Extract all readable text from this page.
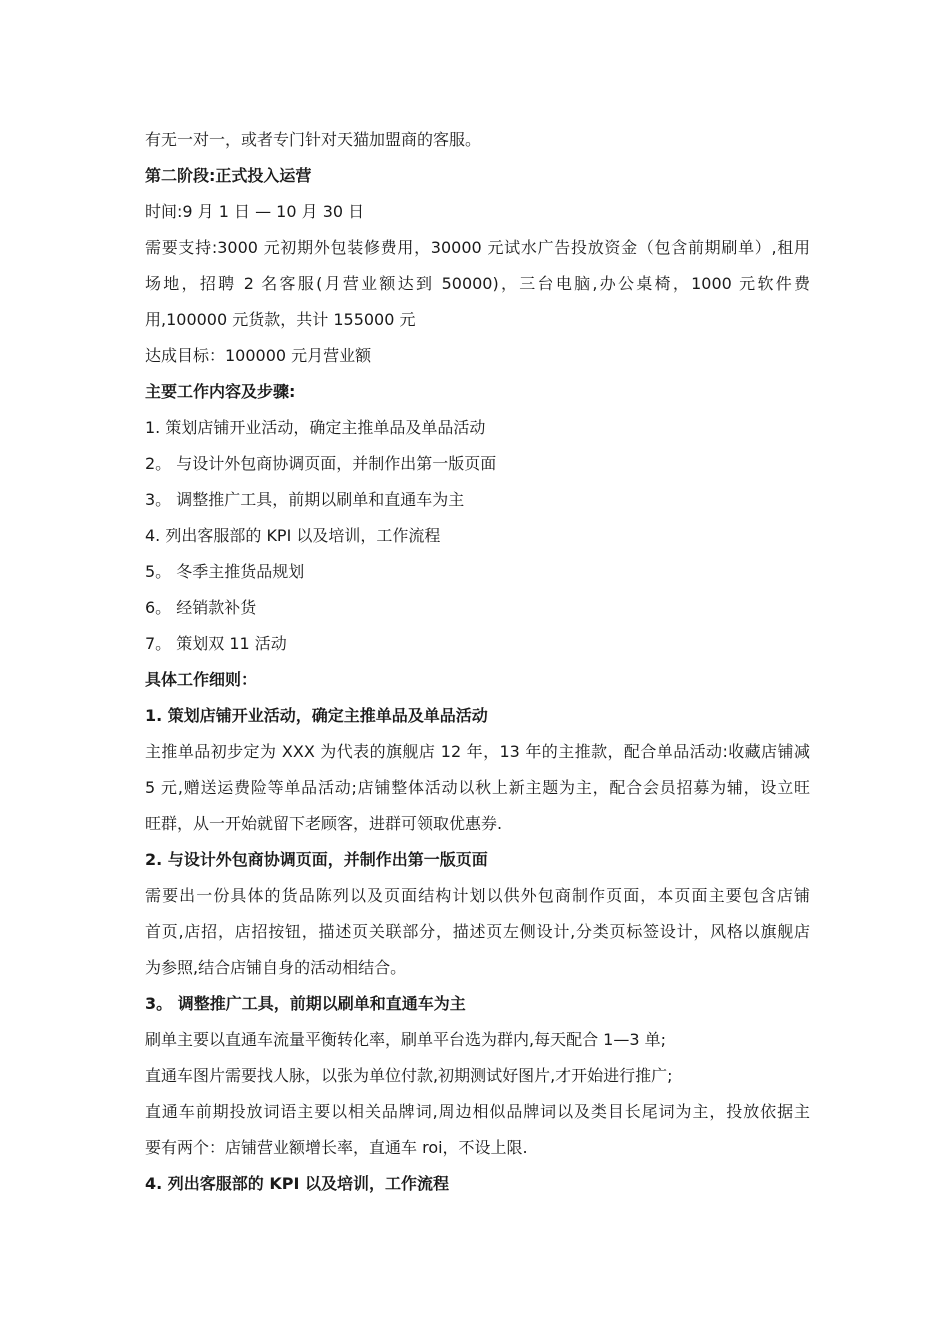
有无一对一，或者专门针对天猫加盟商的客服。
第二阶段:正式投入运营
时间:9 月 1 日 — 10 月 30 日
需要支持:3000 元初期外包装修费用，30000 元试水广告投放资金（包含前期刷单）,租用
场地，招聘 2 名客服(月营业额达到 50000)，三台电脑,办公桌椅，1000 元软件费
用,100000 元货款，共计 155000 元
达成目标：100000 元月营业额
主要工作内容及步骤:
1. 策划店铺开业活动，确定主推单品及单品活动
2。 与设计外包商协调页面，并制作出第一版页面
3。 调整推广工具，前期以刷单和直通车为主
4. 列出客服部的 KPI 以及培训，工作流程
5。 冬季主推货品规划
6。 经销款补货
7。 策划双 11 活动
具体工作细则：
1. 策划店铺开业活动，确定主推单品及单品活动
主推单品初步定为 XXX 为代表的旗舰店 12 年，13 年的主推款，配合单品活动:收藏店铺减
5 元,赠送运费险等单品活动;店铺整体活动以秋上新主题为主，配合会员招募为辅，设立旺
旺群，从一开始就留下老顾客，进群可领取优惠券.
2. 与设计外包商协调页面，并制作出第一版页面
需要出一份具体的货品陈列以及页面结构计划以供外包商制作页面，本页面主要包含店铺
首页,店招，店招按钮，描述页关联部分，描述页左侧设计,分类页标签设计，风格以旗舰店
为参照,结合店铺自身的活动相结合。
3。 调整推广工具，前期以刷单和直通车为主
刷单主要以直通车流量平衡转化率，刷单平台选为群内,每天配合 1—3 单;
直通车图片需要找人脉，以张为单位付款,初期测试好图片,才开始进行推广;
直通车前期投放词语主要以相关品牌词,周边相似品牌词以及类目长尾词为主，投放依据主
要有两个：店铺营业额增长率，直通车 roi，不设上限.
4. 列出客服部的 KPI 以及培训，工作流程
